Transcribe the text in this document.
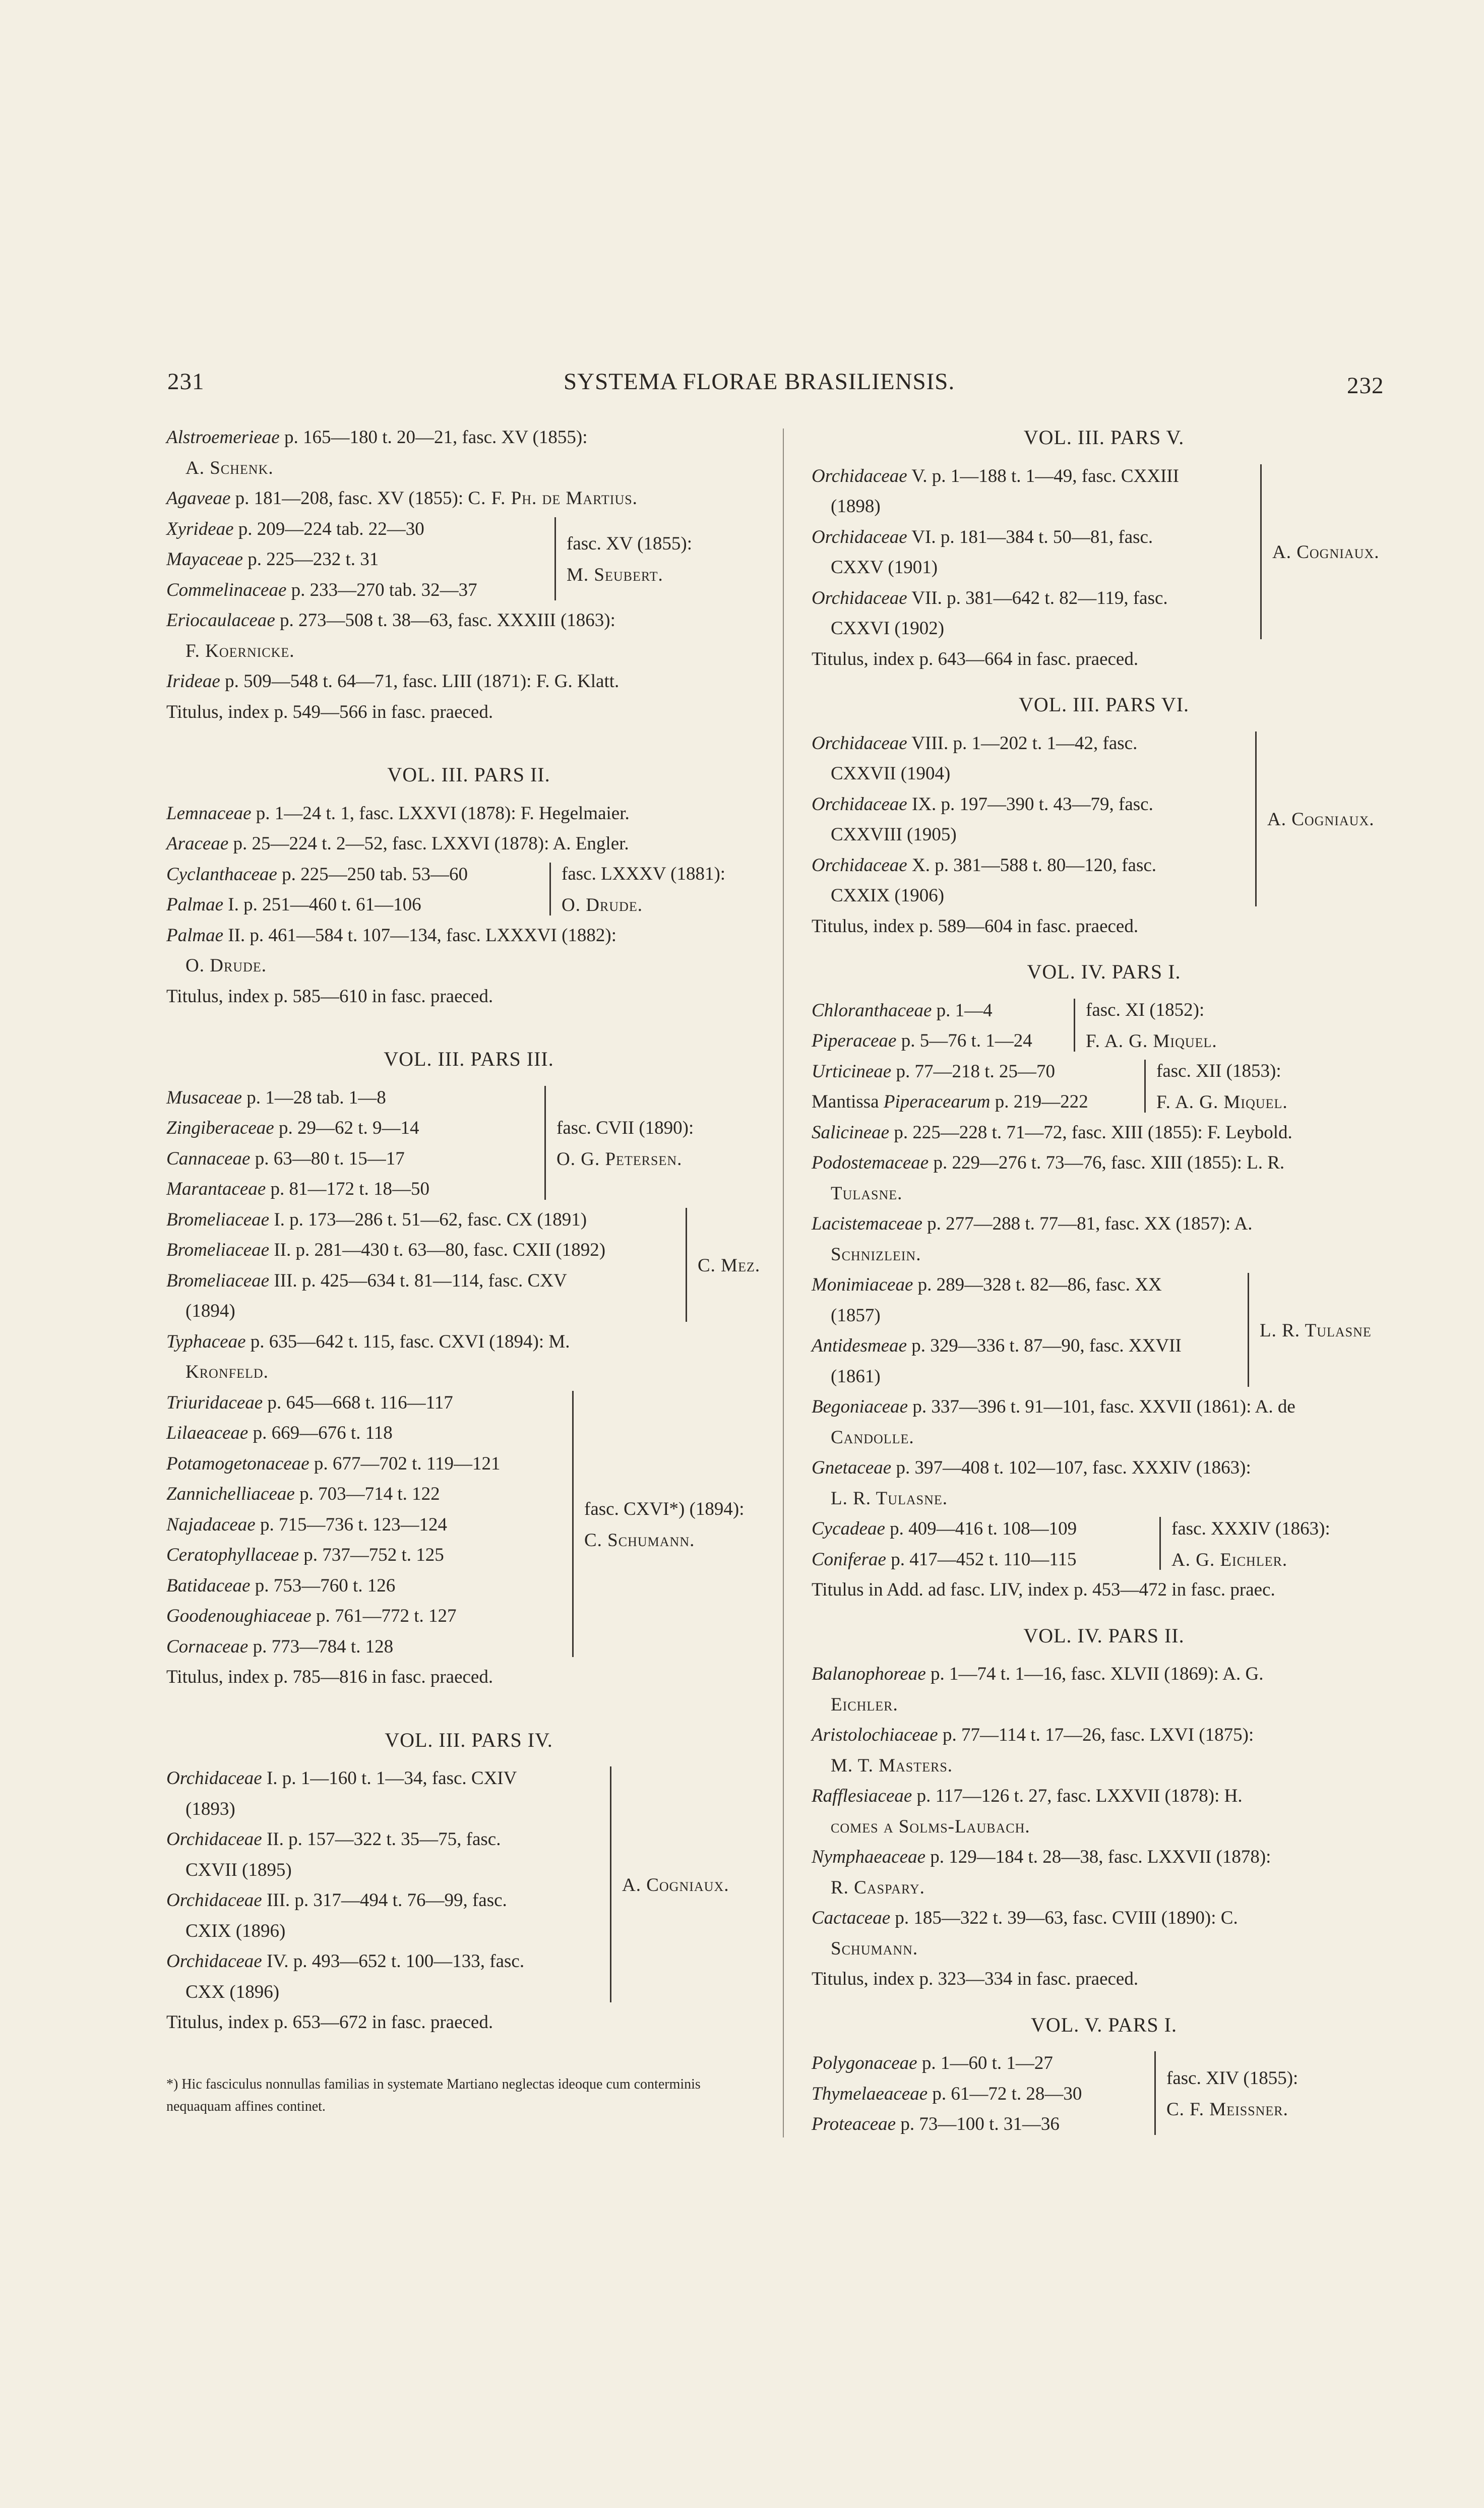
231	SYSTEMA FLORAE BRASILIENSIS.	232
Alstroemerieae p. 165—180 t. 20—21, fasc. XV (1855):
A. Schenk.
Agaveae p. 181—208, fasc. XV (1855): C. F. Ph. de Martius.
Xyrideae p. 209—224 tab. 22—30
Mayaceae p. 225—232 t. 31
Commelinaceae p. 233—270 tab. 32—37
fasc. XV (1855):
M. Seubert.
Eriocaulaceae p. 273—508 t. 38—63, fasc. XXXIII (1863):
F. Koernicke.
Irideae p. 509—548 t. 64—71, fasc. LIII (1871): F. G. Klatt.
Titulus, index p. 549—566 in fasc. praeced.
VOL. III. PARS II.
Lemnaceae p. 1—24 t. 1, fasc. LXXVI (1878): F. Hegelmaier.
Araceae p. 25—224 t. 2—52, fasc. LXXVI (1878): A. Engler.
Cyclanthaceae p. 225—250 tab. 53—60
Palmae I. p. 251—460 t. 61—106
fasc. LXXXV (1881):
O. Drude.
Palmae II. p. 461—584 t. 107—134, fasc. LXXXVI (1882):
O. Drude.
Titulus, index p. 585—610 in fasc. praeced.
VOL. III. PARS III.
Musaceae p. 1—28 tab. 1—8
Zingiberaceae p. 29—62 t. 9—14
Cannaceae p. 63—80 t. 15—17
Marantaceae p. 81—172 t. 18—50
fasc. CVII (1890):
O. G. Petersen.
Bromeliaceae I. p. 173—286 t. 51—62, fasc. CX (1891)
Bromeliaceae II. p. 281—430 t. 63—80, fasc. CXII (1892)
Bromeliaceae III. p. 425—634 t. 81—114, fasc. CXV
(1894)
C. Mez.
Typhaceae p. 635—642 t. 115, fasc. CXVI (1894): M.
Kronfeld.
Triuridaceae p. 645—668 t. 116—117
Lilaeaceae p. 669—676 t. 118
Potamogetonaceae p. 677—702 t. 119—121
Zannichelliaceae p. 703—714 t. 122
Najadaceae p. 715—736 t. 123—124
Ceratophyllaceae p. 737—752 t. 125
Batidaceae p. 753—760 t. 126
Goodenoughiaceae p. 761—772 t. 127
Cornaceae p. 773—784 t. 128
fasc. CXVI*) (1894):
C. Schumann.
Titulus, index p. 785—816 in fasc. praeced.
VOL. III. PARS IV.
Orchidaceae I. p. 1—160 t. 1—34, fasc. CXIV
(1893)
Orchidaceae II. p. 157—322 t. 35—75, fasc.
CXVII (1895)
Orchidaceae III. p. 317—494 t. 76—99, fasc.
CXIX (1896)
Orchidaceae IV. p. 493—652 t. 100—133, fasc.
CXX (1896)
A. Cogniaux.
Titulus, index p. 653—672 in fasc. praeced.
*) Hic fasciculus nonnullas familias in systemate Martiano neglectas ideoque cum conterminis nequaquam affines continet.
VOL. III. PARS V.
Orchidaceae V. p. 1—188 t. 1—49, fasc. CXXIII
(1898)
Orchidaceae VI. p. 181—384 t. 50—81, fasc.
CXXV (1901)
Orchidaceae VII. p. 381—642 t. 82—119, fasc.
CXXVI (1902)
A. Cogniaux.
Titulus, index p. 643—664 in fasc. praeced.
VOL. III. PARS VI.
Orchidaceae VIII. p. 1—202 t. 1—42, fasc.
CXXVII (1904)
Orchidaceae IX. p. 197—390 t. 43—79, fasc.
CXXVIII (1905)
Orchidaceae X. p. 381—588 t. 80—120, fasc.
CXXIX (1906)
A. Cogniaux.
Titulus, index p. 589—604 in fasc. praeced.
VOL. IV. PARS I.
Chloranthaceae p. 1—4
Piperaceae p. 5—76 t. 1—24
fasc. XI (1852):
F. A. G. Miquel.
Urticineae p. 77—218 t. 25—70
Mantissa Piperacearum p. 219—222
fasc. XII (1853):
F. A. G. Miquel.
Salicineae p. 225—228 t. 71—72, fasc. XIII (1855): F. Leybold.
Podostemaceae p. 229—276 t. 73—76, fasc. XIII (1855): L. R.
Tulasne.
Lacistemaceae p. 277—288 t. 77—81, fasc. XX (1857): A.
Schnizlein.
Monimiaceae p. 289—328 t. 82—86, fasc. XX
(1857)
Antidesmeae p. 329—336 t. 87—90, fasc. XXVII
(1861)
L. R. Tulasne
Begoniaceae p. 337—396 t. 91—101, fasc. XXVII (1861): A. de
Candolle.
Gnetaceae p. 397—408 t. 102—107, fasc. XXXIV (1863):
L. R. Tulasne.
Cycadeae p. 409—416 t. 108—109
Coniferae p. 417—452 t. 110—115
fasc. XXXIV (1863):
A. G. Eichler.
Titulus in Add. ad fasc. LIV, index p. 453—472 in fasc. praec.
VOL. IV. PARS II.
Balanophoreae p. 1—74 t. 1—16, fasc. XLVII (1869): A. G.
Eichler.
Aristolochiaceae p. 77—114 t. 17—26, fasc. LXVI (1875):
M. T. Masters.
Rafflesiaceae p. 117—126 t. 27, fasc. LXXVII (1878): H.
comes a Solms-Laubach.
Nymphaeaceae p. 129—184 t. 28—38, fasc. LXXVII (1878):
R. Caspary.
Cactaceae p. 185—322 t. 39—63, fasc. CVIII (1890): C.
Schumann.
Titulus, index p. 323—334 in fasc. praeced.
VOL. V. PARS I.
Polygonaceae p. 1—60 t. 1—27
Thymelaeaceae p. 61—72 t. 28—30
Proteaceae p. 73—100 t. 31—36
fasc. XIV (1855):
C. F. Meissner.
